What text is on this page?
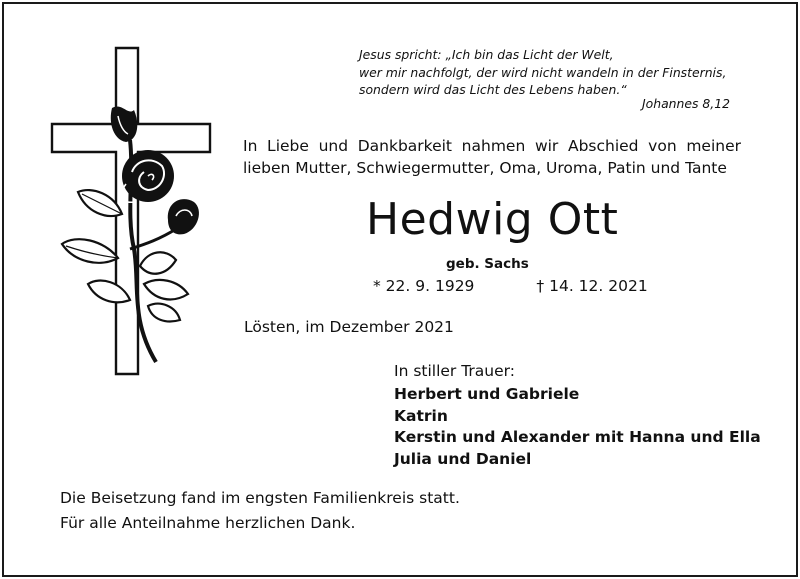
Jesus spricht: „Ich bin das Licht der Welt,
wer mir nachfolgt, der wird nicht wandeln in der Finsternis,
sondern wird das Licht des Lebens haben.“
Johannes 8,12
In Liebe und Dankbarkeit nahmen wir Abschied von meiner lieben Mutter, Schwiegermutter, Oma, Uroma, Patin und Tante
Hedwig Ott
geb. Sachs
* 22. 9. 1929	† 14. 12. 2021
Lösten, im Dezember 2021
In stiller Trauer:
Herbert und Gabriele
Katrin
Kerstin und Alexander mit Hanna und Ella
Julia und Daniel
Die Beisetzung fand im engsten Familienkreis statt.
Für alle Anteilnahme herzlichen Dank.
